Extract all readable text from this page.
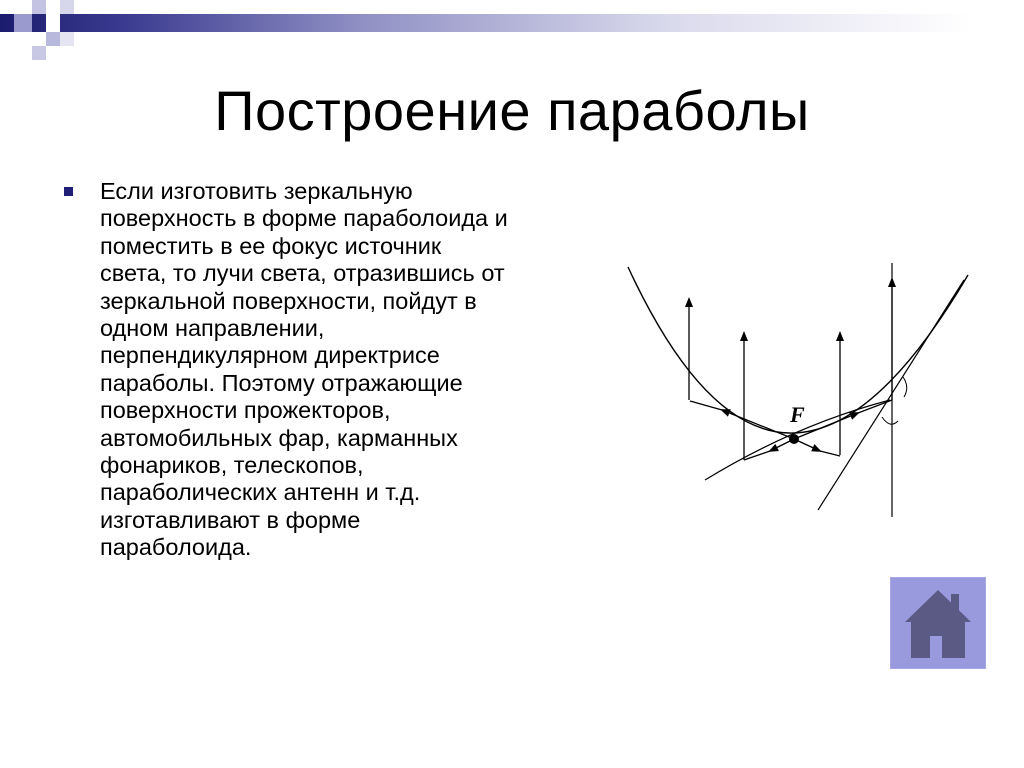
Построение параболы
Если изготовить зеркальную
поверхность в форме параболоида и
поместить в ее фокус источник
света, то лучи света, отразившись от
зеркальной поверхности, пойдут в
одном направлении,
перпендикулярном директрисе
параболы. Поэтому отражающие
поверхности прожекторов,
автомобильных фар, карманных
фонариков, телескопов,
параболических антенн и т.д.
изготавливают в форме
параболоида.
F
